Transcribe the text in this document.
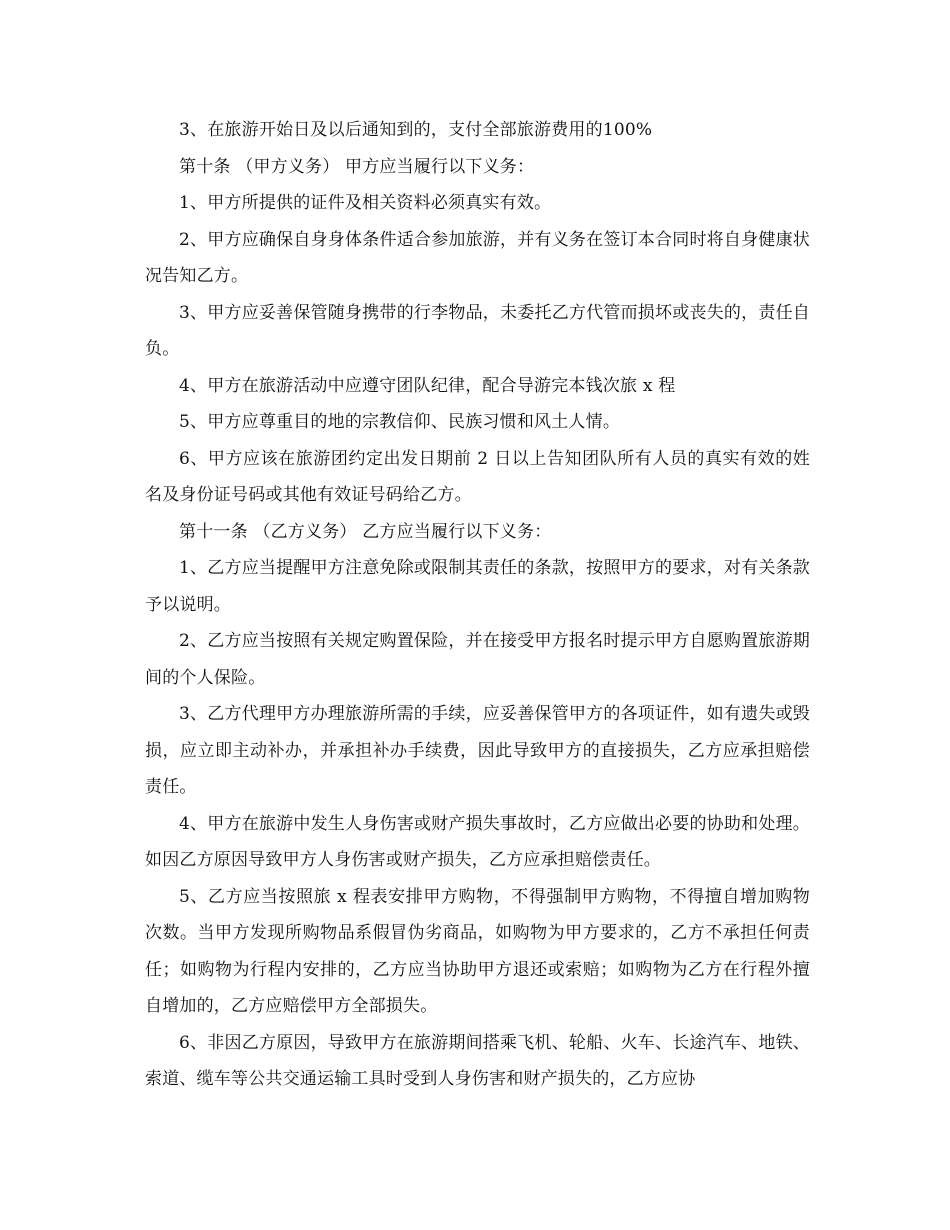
3、在旅游开始日及以后通知到的，支付全部旅游费用的100%

第十条 （甲方义务） 甲方应当履行以下义务：

1、甲方所提供的证件及相关资料必须真实有效。

2、甲方应确保自身身体条件适合参加旅游，并有义务在签订本合同时将自身健康状况告知乙方。

3、甲方应妥善保管随身携带的行李物品，未委托乙方代管而损坏或丧失的，责任自负。

4、甲方在旅游活动中应遵守团队纪律，配合导游完本钱次旅 x 程

5、甲方应尊重目的地的宗教信仰、民族习惯和风土人情。

6、甲方应该在旅游团约定出发日期前 2 日以上告知团队所有人员的真实有效的姓名及身份证号码或其他有效证号码给乙方。

第十一条 （乙方义务） 乙方应当履行以下义务：

1、乙方应当提醒甲方注意免除或限制其责任的条款，按照甲方的要求，对有关条款予以说明。

2、乙方应当按照有关规定购置保险，并在接受甲方报名时提示甲方自愿购置旅游期间的个人保险。

3、乙方代理甲方办理旅游所需的手续，应妥善保管甲方的各项证件，如有遗失或毁损，应立即主动补办，并承担补办手续费，因此导致甲方的直接损失，乙方应承担赔偿责任。

4、甲方在旅游中发生人身伤害或财产损失事故时，乙方应做出必要的协助和处理。如因乙方原因导致甲方人身伤害或财产损失，乙方应承担赔偿责任。

5、乙方应当按照旅 x 程表安排甲方购物，不得强制甲方购物，不得擅自增加购物次数。当甲方发现所购物品系假冒伪劣商品，如购物为甲方要求的，乙方不承担任何责任；如购物为行程内安排的，乙方应当协助甲方退还或索赔；如购物为乙方在行程外擅自增加的，乙方应赔偿甲方全部损失。

6、非因乙方原因，导致甲方在旅游期间搭乘飞机、轮船、火车、长途汽车、地铁、索道、缆车等公共交通运输工具时受到人身伤害和财产损失的，乙方应协
